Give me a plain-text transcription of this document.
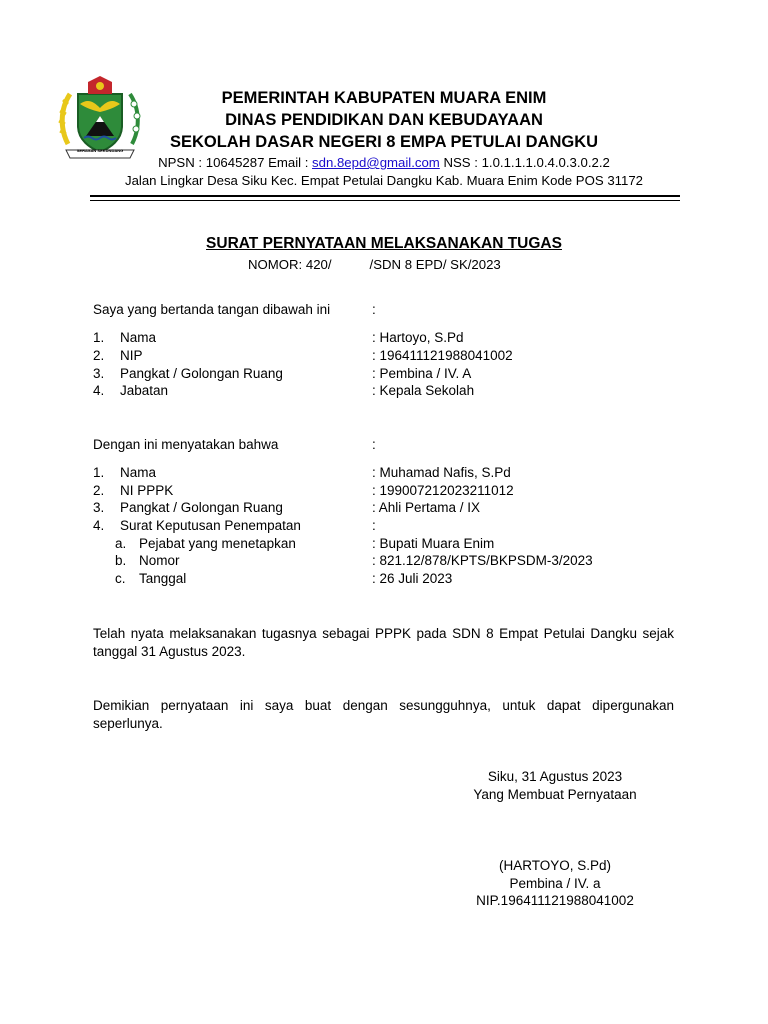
SERASAN SEKUNDANG
PEMERINTAH KABUPATEN MUARA ENIM
DINAS PENDIDIKAN DAN KEBUDAYAAN
SEKOLAH DASAR NEGERI 8 EMPA PETULAI DANGKU
NPSN : 10645287 Email : sdn.8epd@gmail.com NSS : 1.0.1.1.1.0.4.0.3.0.2.2
Jalan Lingkar Desa Siku Kec. Empat Petulai Dangku Kab. Muara Enim Kode POS 31172
SURAT PERNYATAAN MELAKSANAKAN TUGAS
NOMOR: 420/	/SDN 8 EPD/ SK/2023
Saya yang bertanda tangan dibawah ini	:
1. Nama	: Hartoyo, S.Pd
2. NIP	: 196411121988041002
3. Pangkat / Golongan Ruang	: Pembina / IV. A
4. Jabatan	: Kepala Sekolah
Dengan ini menyatakan bahwa	:
1. Nama	: Muhamad Nafis, S.Pd
2. NI PPPK	: 199007212023211012
3. Pangkat / Golongan Ruang	: Ahli Pertama / IX
4. Surat Keputusan Penempatan	:
a. Pejabat yang menetapkan	: Bupati Muara Enim
b. Nomor	: 821.12/878/KPTS/BKPSDM-3/2023
c. Tanggal	: 26 Juli 2023
Telah nyata melaksanakan tugasnya sebagai PPPK pada SDN 8 Empat Petulai Dangku sejak tanggal 31 Agustus 2023.
Demikian pernyataan ini saya buat dengan sesungguhnya, untuk dapat dipergunakan seperlunya.
Siku, 31 Agustus 2023
Yang Membuat Pernyataan
(HARTOYO, S.Pd)
Pembina / IV. a
NIP.196411121988041002
